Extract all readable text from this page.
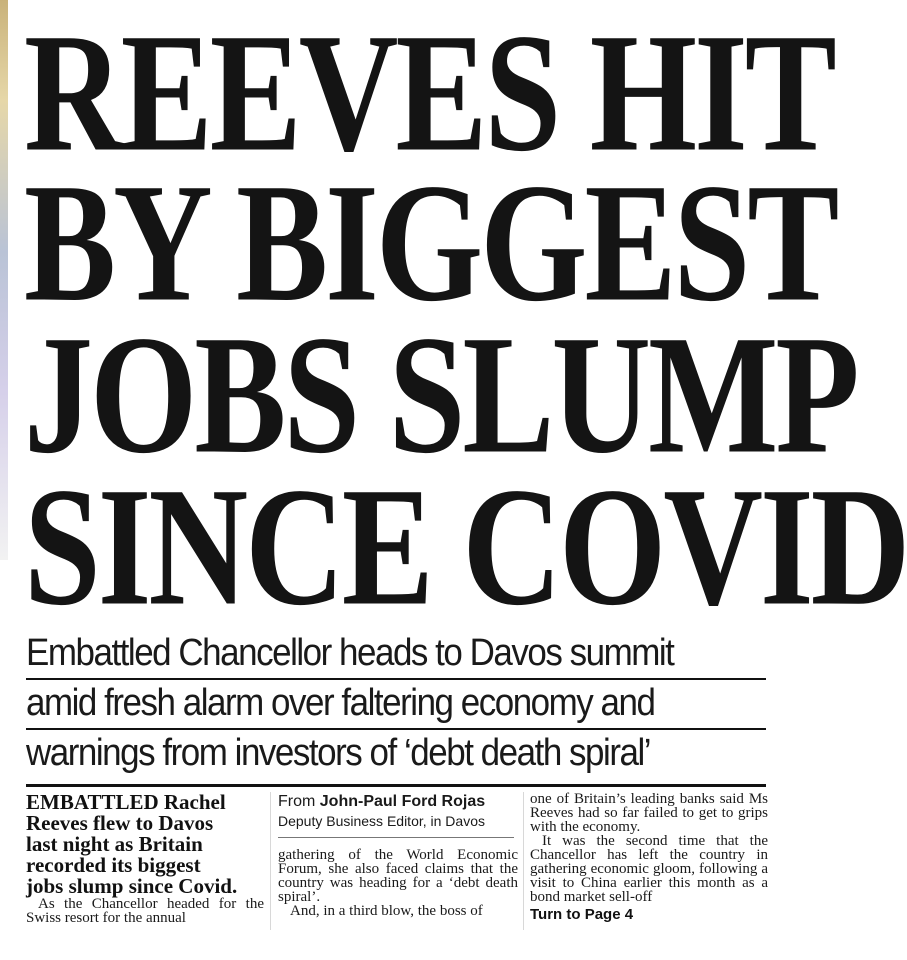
REEVES HIT
BY BIGGEST
JOBS SLUMP
SINCE COVID
Embattled Chancellor heads to Davos summit
amid fresh alarm over faltering economy and
warnings from investors of ‘debt death spiral’
EMBATTLED Rachel
Reeves flew to Davos
last night as Britain
recorded its biggest
jobs slump since Covid.
As the Chancellor headed for the Swiss resort for the annual
From John-Paul Ford Rojas
Deputy Business Editor, in Davos
gathering of the World Economic Forum, she also faced claims that the country was heading for a ‘debt death spiral’.
And, in a third blow, the boss of
one of Britain’s leading banks said Ms Reeves had so far failed to get to grips with the economy.
It was the second time that the Chancellor has left the country in gathering economic gloom, following a visit to China earlier this month as a bond market sell-off
Turn to Page 4
